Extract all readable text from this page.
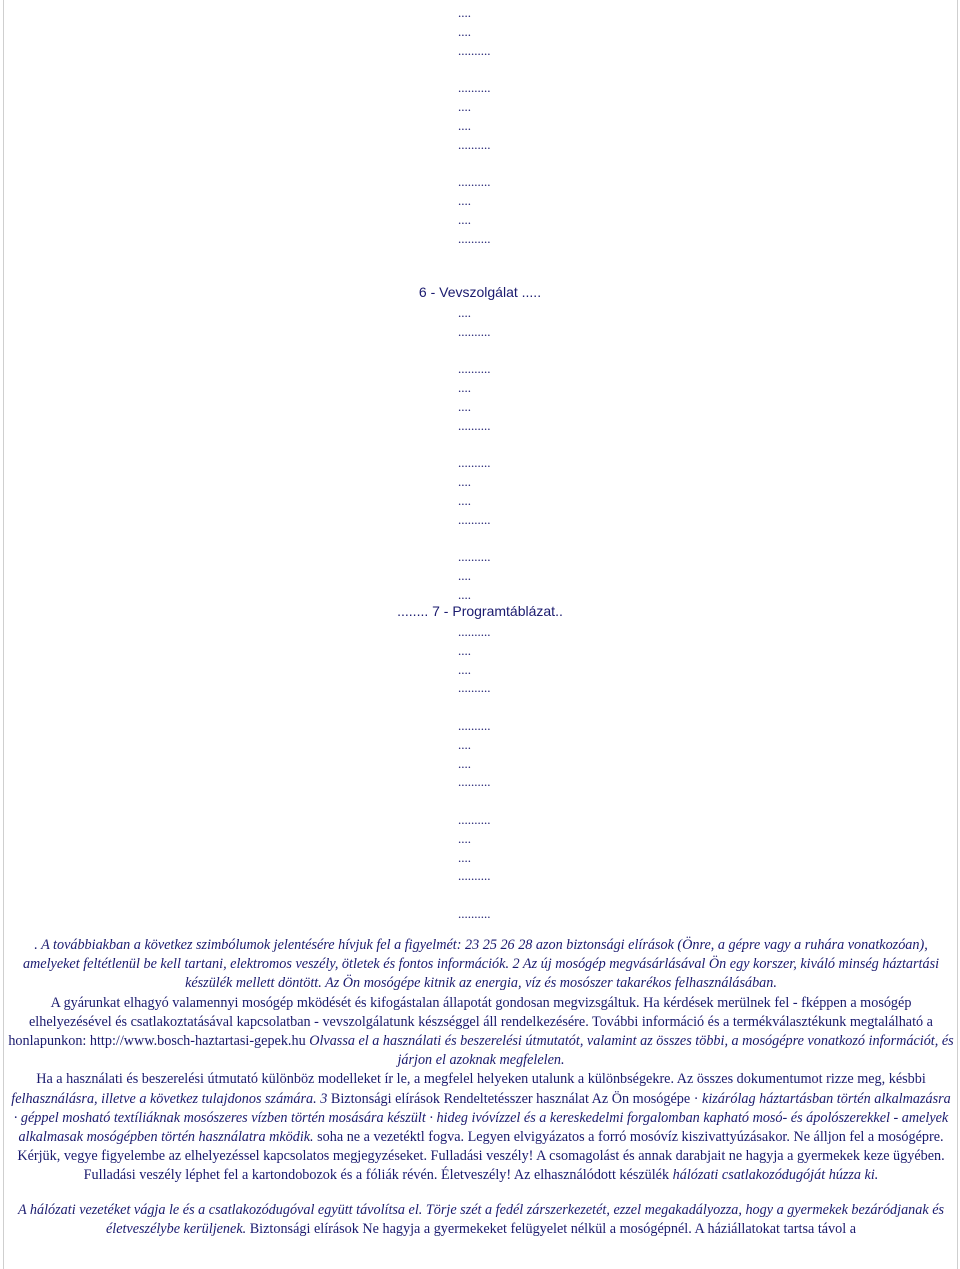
....
....
..........
..........
....
....
..........
..........
....
....
..........
6 - Vevszolgálat .....
....
..........
..........
....
....
..........
..........
....
....
..........
..........
....
....
........ 7 - Programtáblázat..
..........
....
....
..........
..........
....
....
..........
..........
....
....
..........
..........

. A továbbiakban a következ szimbólumok jelentésére hívjuk fel a figyelmét: 23 25 26 28 azon biztonsági elírások (Önre, a gépre vagy a ruhára vonatkozóan), amelyeket feltétlenül be kell tartani, elektromos veszély, ötletek és fontos információk. 2 Az új mosógép megvásárlásával Ön egy korszer, kiváló minség háztartási készülék mellett döntött. Az Ön mosógépe kitnik az energia, víz és mosószer takarékos felhasználásában.

A gyárunkat elhagyó valamennyi mosógép mködését és kifogástalan állapotát gondosan megvizsgáltuk. Ha kérdések merülnek fel - fképpen a mosógép elhelyezésével és csatlakoztatásával kapcsolatban - vevszolgálatunk készséggel áll rendelkezésére. További információ és a termékválasztékunk megtalálható a honlapunkon: http://www.bosch-haztartasi-gepek.hu Olvassa el a használati és beszerelési útmutatót, valamint az összes többi, a mosógépre vonatkozó információt, és járjon el azoknak megfelelen.

Ha a használati és beszerelési útmutató különböz modelleket ír le, a megfelel helyeken utalunk a különbségekre. Az összes dokumentumot rizze meg, késbbi felhasználásra, illetve a következ tulajdonos számára. 3 Biztonsági elírások Rendeltetésszer használat Az Ön mosógépe · kizárólag háztartásban történ alkalmazásra · géppel mosható textíliáknak mosószeres vízben történ mosására készült · hideg ivóvízzel és a kereskedelmi forgalomban kapható mosó- és ápolószerekkel - amelyek alkalmasak mosógépben történ használatra mködik. soha ne a vezetéktl fogva. Legyen elvigyázatos a forró mosóvíz kiszivattyúzásakor. Ne álljon fel a mosógépre. Kérjük, vegye figyelembe az elhelyezéssel kapcsolatos megjegyzéseket. Fulladási veszély! A csomagolást és annak darabjait ne hagyja a gyermekek keze ügyében. Fulladási veszély léphet fel a kartondobozok és a fóliák révén. Életveszély! Az elhasználódott készülék hálózati csatlakozódugóját húzza ki.

A hálózati vezetéket vágja le és a csatlakozódugóval együtt távolítsa el. Törje szét a fedél zárszerkezetét, ezzel megakadályozza, hogy a gyermekek bezáródjanak és életveszélybe kerüljenek. Biztonsági elírások Ne hagyja a gyermekeket felügyelet nélkül a mosógépnél. A háziállatokat tartsa távol a
